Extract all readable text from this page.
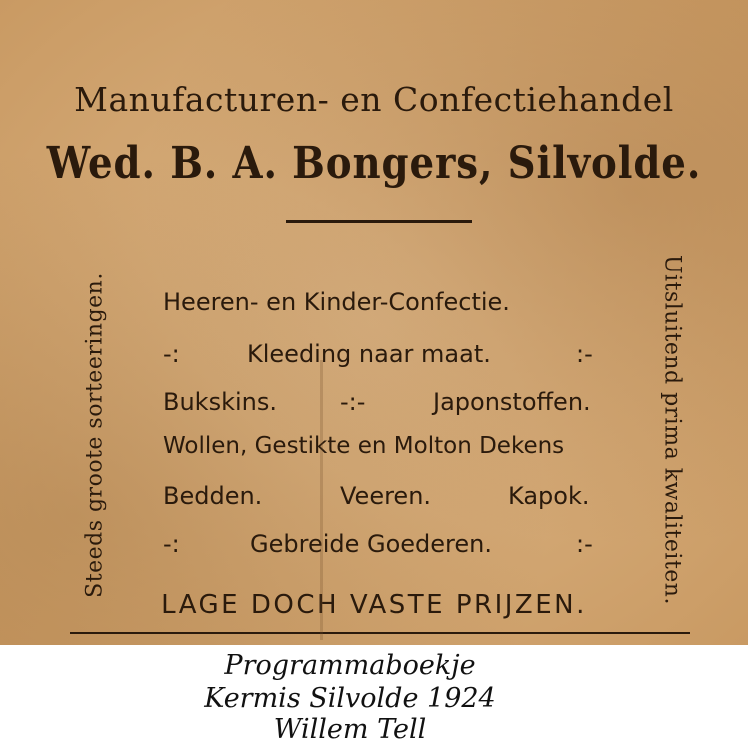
Manufacturen- en Confectiehandel
Wed. B. A. Bongers, Silvolde.
Steeds groote sorteeringen.	Uitsluitend prima kwaliteiten.
Heeren- en Kinder-Confectie.
-:	Kleeding naar maat.	:-
Bukskins.	-:-	Japonstoffen.
Wollen, Gestikte en Molton Dekens
Bedden.	Veeren.	Kapok.
-:	Gebreide Goederen.	:-
LAGE DOCH VASTE PRIJZEN.
Programmaboekje
Kermis Silvolde 1924
Willem Tell
